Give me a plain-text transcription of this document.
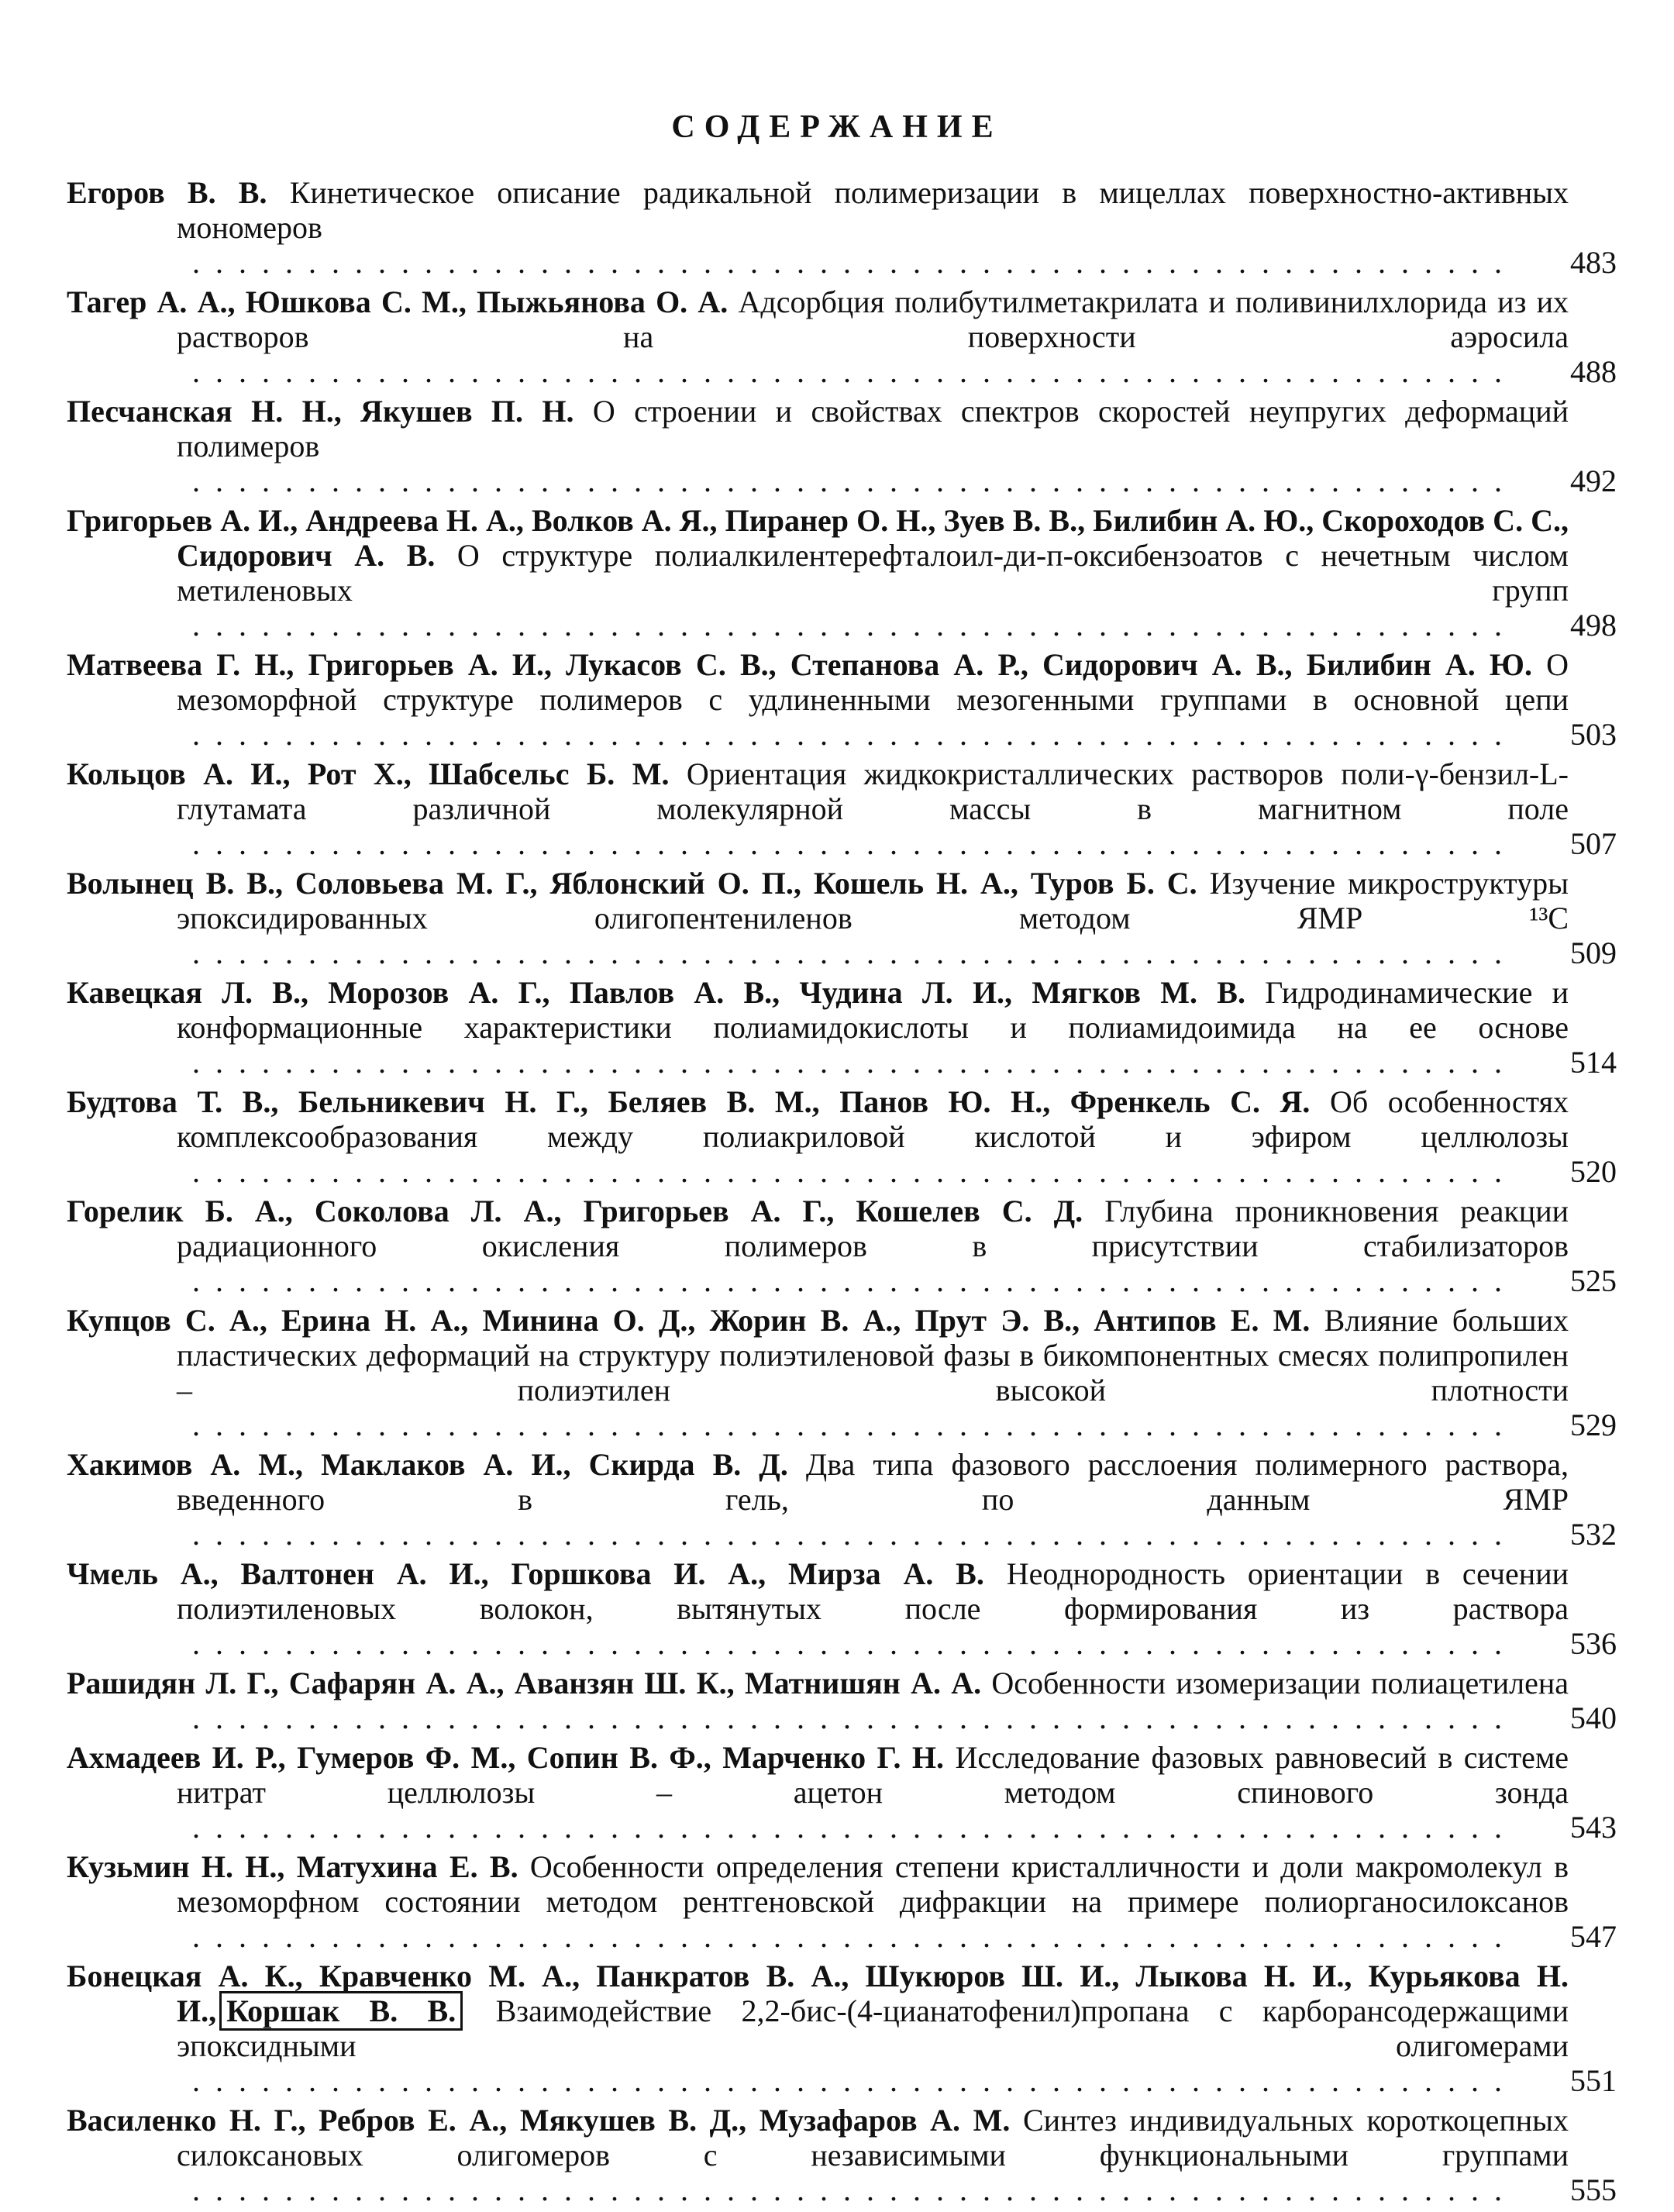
СОДЕРЖАНИЕ
Егоров В. В. Кинетическое описание радикальной полимеризации в мицеллах поверхностно-активных мономеров . .
483
Тагер А. А., Юшкова С. М., Пыжьянова О. А. Адсорбция полибутилметакрилата и поливинилхлорида из их растворов на поверхности аэросила . .
488
Песчанская Н. Н., Якушев П. Н. О строении и свойствах спектров скоростей неупругих деформаций полимеров . .
492
Григорьев А. И., Андреева Н. А., Волков А. Я., Пиранер О. Н., Зуев В. В., Билибин А. Ю., Скороходов С. С., Сидорович А. В. О структуре полиалкилентерефталоил-ди-п-оксибензоатов с нечетным числом метиленовых групп . .
498
Матвеева Г. Н., Григорьев А. И., Лукасов С. В., Степанова А. Р., Сидорович А. В., Билибин А. Ю. О мезоморфной структуре полимеров с удлиненными мезогенными группами в основной цепи . .
503
Кольцов А. И., Рот Х., Шабсельс Б. М. Ориентация жидкокристаллических растворов поли-γ-бензил-L-глутамата различной молекулярной массы в магнитном поле . .
507
Волынец В. В., Соловьева М. Г., Яблонский О. П., Кошель Н. А., Туров Б. С. Изучение микроструктуры эпоксидированных олигопентениленов методом ЯМР ¹³С . .
509
Кавецкая Л. В., Морозов А. Г., Павлов А. В., Чудина Л. И., Мягков М. В. Гидродинамические и конформационные характеристики полиамидокислоты и полиамидоимида на ее основе . .
514
Будтова Т. В., Бельникевич Н. Г., Беляев В. М., Панов Ю. Н., Френкель С. Я. Об особенностях комплексообразования между полиакриловой кислотой и эфиром целлюлозы . .
520
Горелик Б. А., Соколова Л. А., Григорьев А. Г., Кошелев С. Д. Глубина проникновения реакции радиационного окисления полимеров в присутствии стабилизаторов . .
525
Купцов С. А., Ерина Н. А., Минина О. Д., Жорин В. А., Прут Э. В., Антипов Е. М. Влияние больших пластических деформаций на структуру полиэтиленовой фазы в бикомпонентных смесях полипропилен – полиэтилен высокой плотности . .
529
Хакимов А. М., Маклаков А. И., Скирда В. Д. Два типа фазового расслоения полимерного раствора, введенного в гель, по данным ЯМР . .
532
Чмель А., Валтонен А. И., Горшкова И. А., Мирза А. В. Неоднородность ориентации в сечении полиэтиленовых волокон, вытянутых после формирования из раствора . .
536
Рашидян Л. Г., Сафарян А. А., Аванзян Ш. К., Матнишян А. А. Особенности изомеризации полиацетилена . .
540
Ахмадеев И. Р., Гумеров Ф. М., Сопин В. Ф., Марченко Г. Н. Исследование фазовых равновесий в системе нитрат целлюлозы – ацетон методом спинового зонда . .
543
Кузьмин Н. Н., Матухина Е. В. Особенности определения степени кристалличности и доли макромолекул в мезоморфном состоянии методом рентгеновской дифракции на примере полиорганосилоксанов . .
547
Бонецкая А. К., Кравченко М. А., Панкратов В. А., Шукюров Ш. И., Лыкова Н. И., Курьякова Н. И., Коршак В. В. Взаимодействие 2,2-бис-(4-цианатофенил)пропана с карборансодержащими эпоксидными олигомерами . .
551
Василенко Н. Г., Ребров Е. А., Мякушев В. Д., Музафаров А. М. Синтез индивидуальных короткоцепных силоксановых олигомеров с независимыми функциональными группами . .
555
